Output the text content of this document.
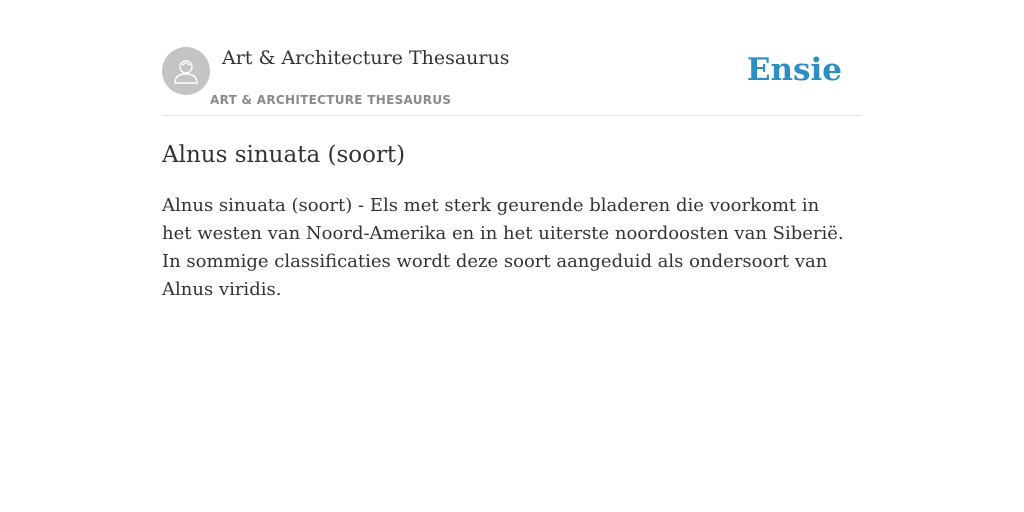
Art & Architecture Thesaurus
ART & ARCHITECTURE THESAURUS
Ensie
Alnus sinuata (soort)

Alnus sinuata (soort) - Els met sterk geurende bladeren die voorkomt in het westen van Noord-Amerika en in het uiterste noordoosten van Siberië. In sommige classificaties wordt deze soort aangeduid als ondersoort van Alnus viridis.
